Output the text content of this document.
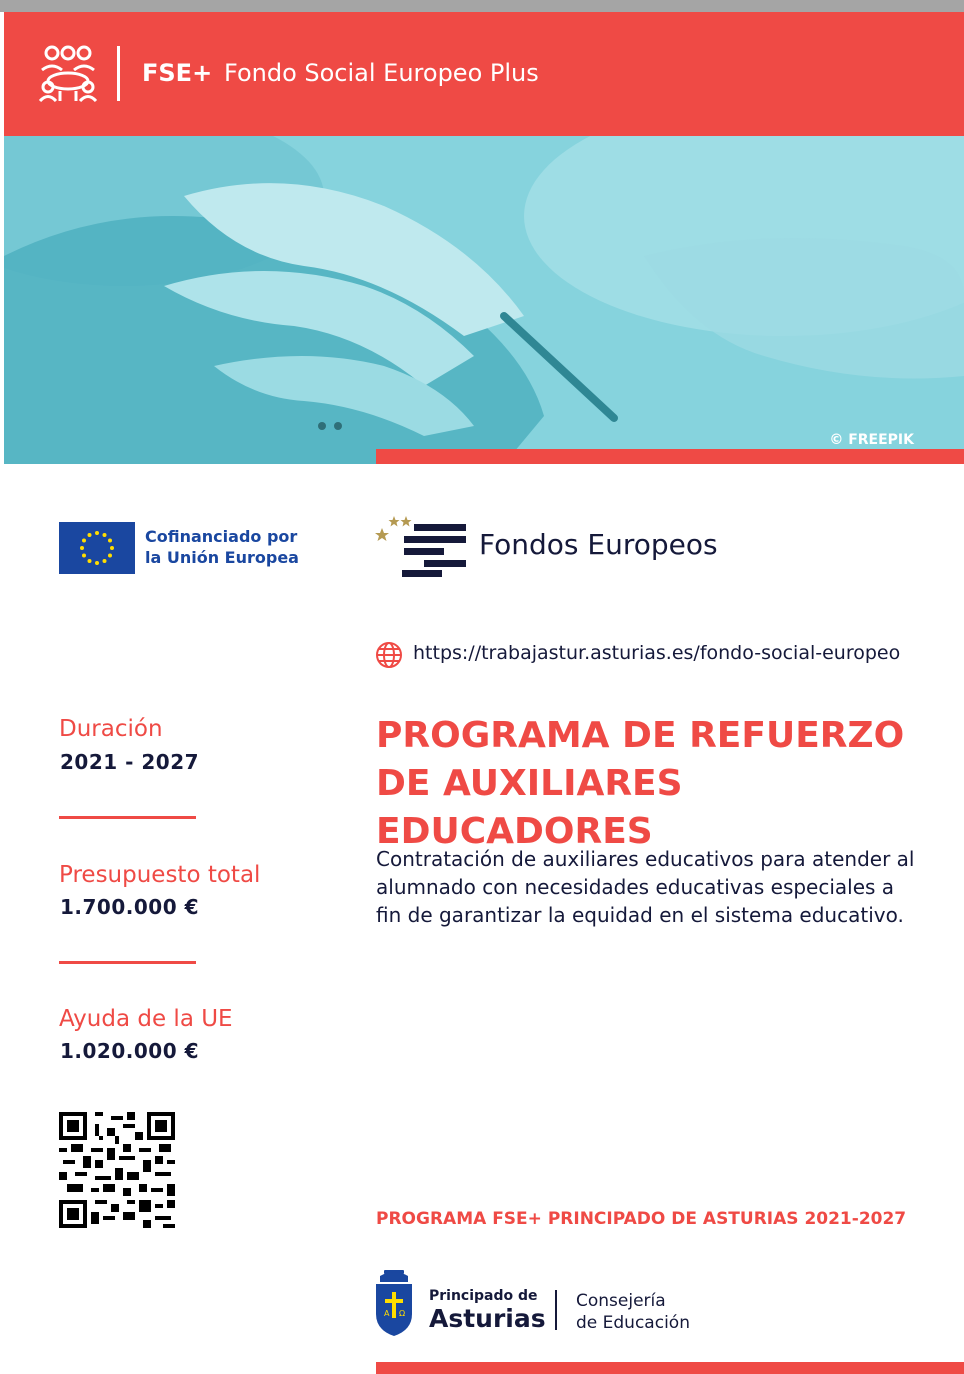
FSE+ Fondo Social Europeo Plus
© FREEPIK
Cofinanciado por
la Unión Europea	Fondos Europeos
https://trabajastur.asturias.es/fondo-social-europeo
Duración
2021 - 2027
Presupuesto total
1.700.000 €
Ayuda de la UE
1.020.000 €
PROGRAMA DE REFUERZO
DE AUXILIARES EDUCADORES
Contratación de auxiliares educativos para atender al alumnado con necesidades educativas especiales a fin de garantizar la equidad en el sistema educativo.
PROGRAMA FSE+ PRINCIPADO DE ASTURIAS 2021-2027
A Ω
Principado de
Asturias
Consejería
de Educación
